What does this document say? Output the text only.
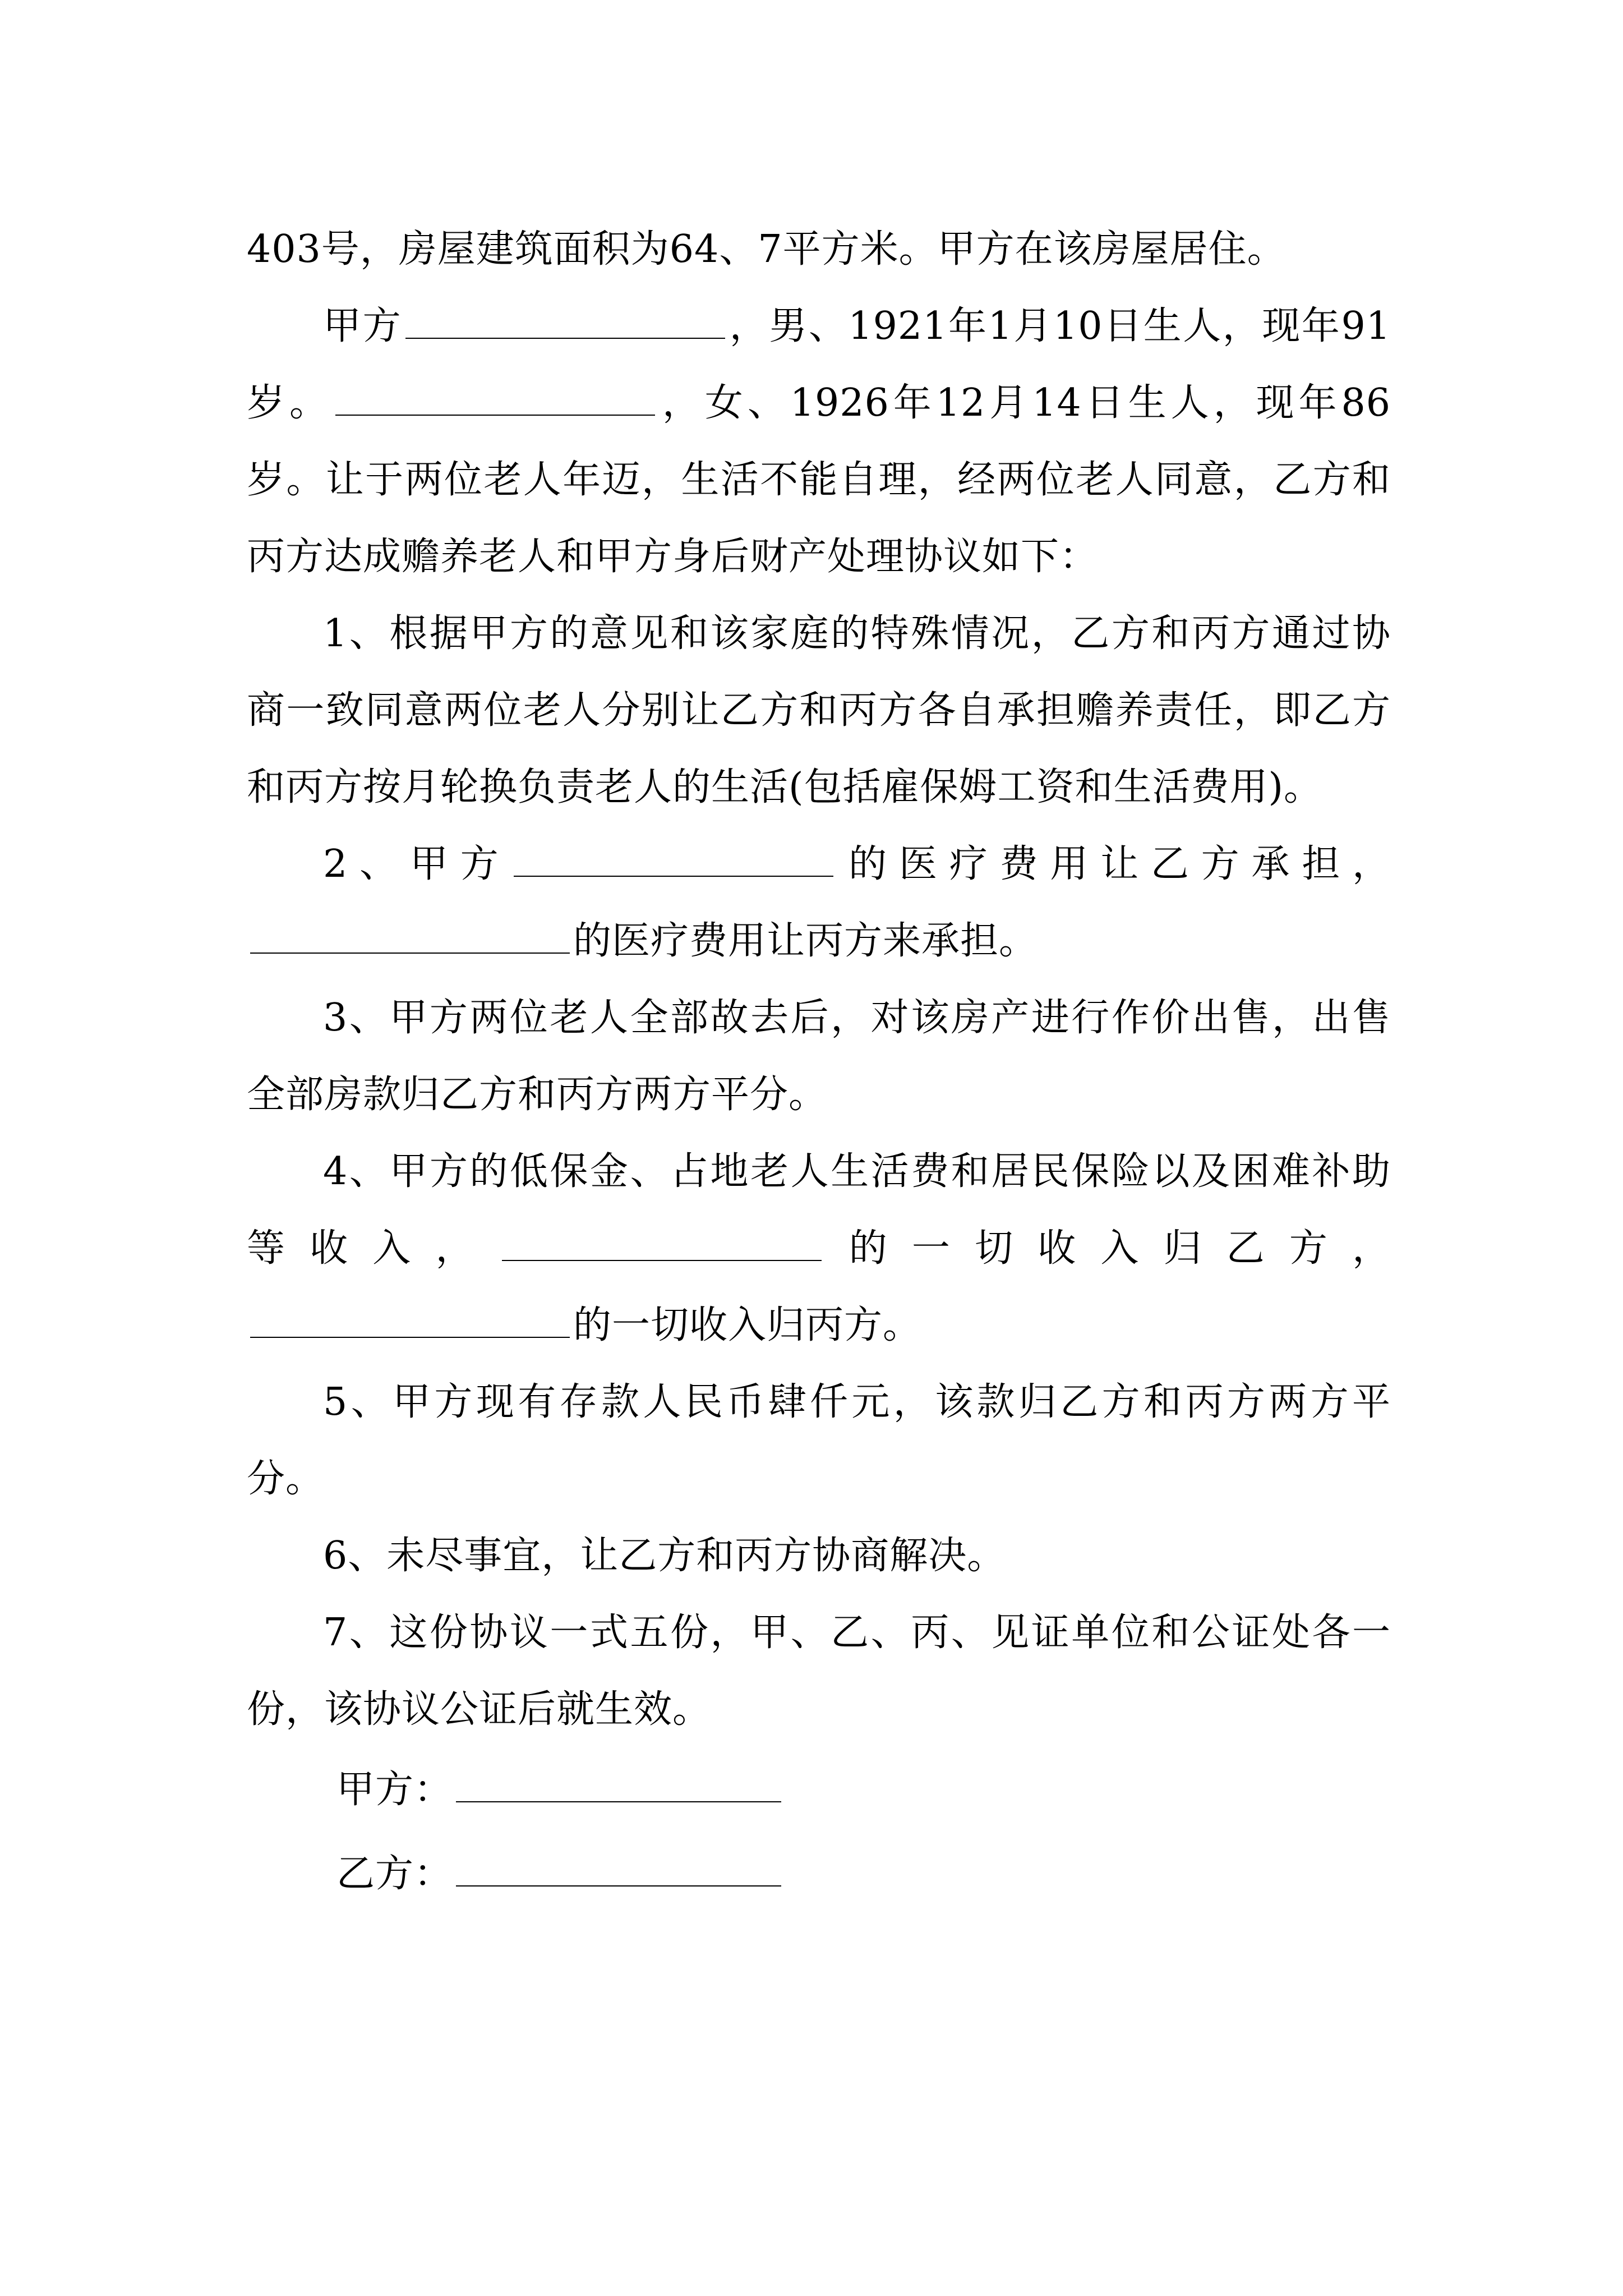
403号，房屋建筑面积为64、7平方米。甲方在该房屋居住。

甲方	，男、1921年1月10日生人，现年91岁。	，女、1926年12月14日生人，现年86岁。让于两位老人年迈，生活不能自理，经两位老人同意，乙方和丙方达成赡养老人和甲方身后财产处理协议如下：

1、根据甲方的意见和该家庭的特殊情况，乙方和丙方通过协商一致同意两位老人分别让乙方和丙方各自承担赡养责任，即乙方和丙方按月轮换负责老人的生活(包括雇保姆工资和生活费用)。

2、甲方	的医疗费用让乙方承担，的医疗费用让丙方来承担。

3、甲方两位老人全部故去后，对该房产进行作价出售，出售全部房款归乙方和丙方两方平分。

4、甲方的低保金、占地老人生活费和居民保险以及困难补助等收入，	的一切收入归乙方，的一切收入归丙方。

5、甲方现有存款人民币肆仟元，该款归乙方和丙方两方平分。

6、未尽事宜，让乙方和丙方协商解决。

7、这份协议一式五份，甲、乙、丙、见证单位和公证处各一份，该协议公证后就生效。

甲方：

乙方：
